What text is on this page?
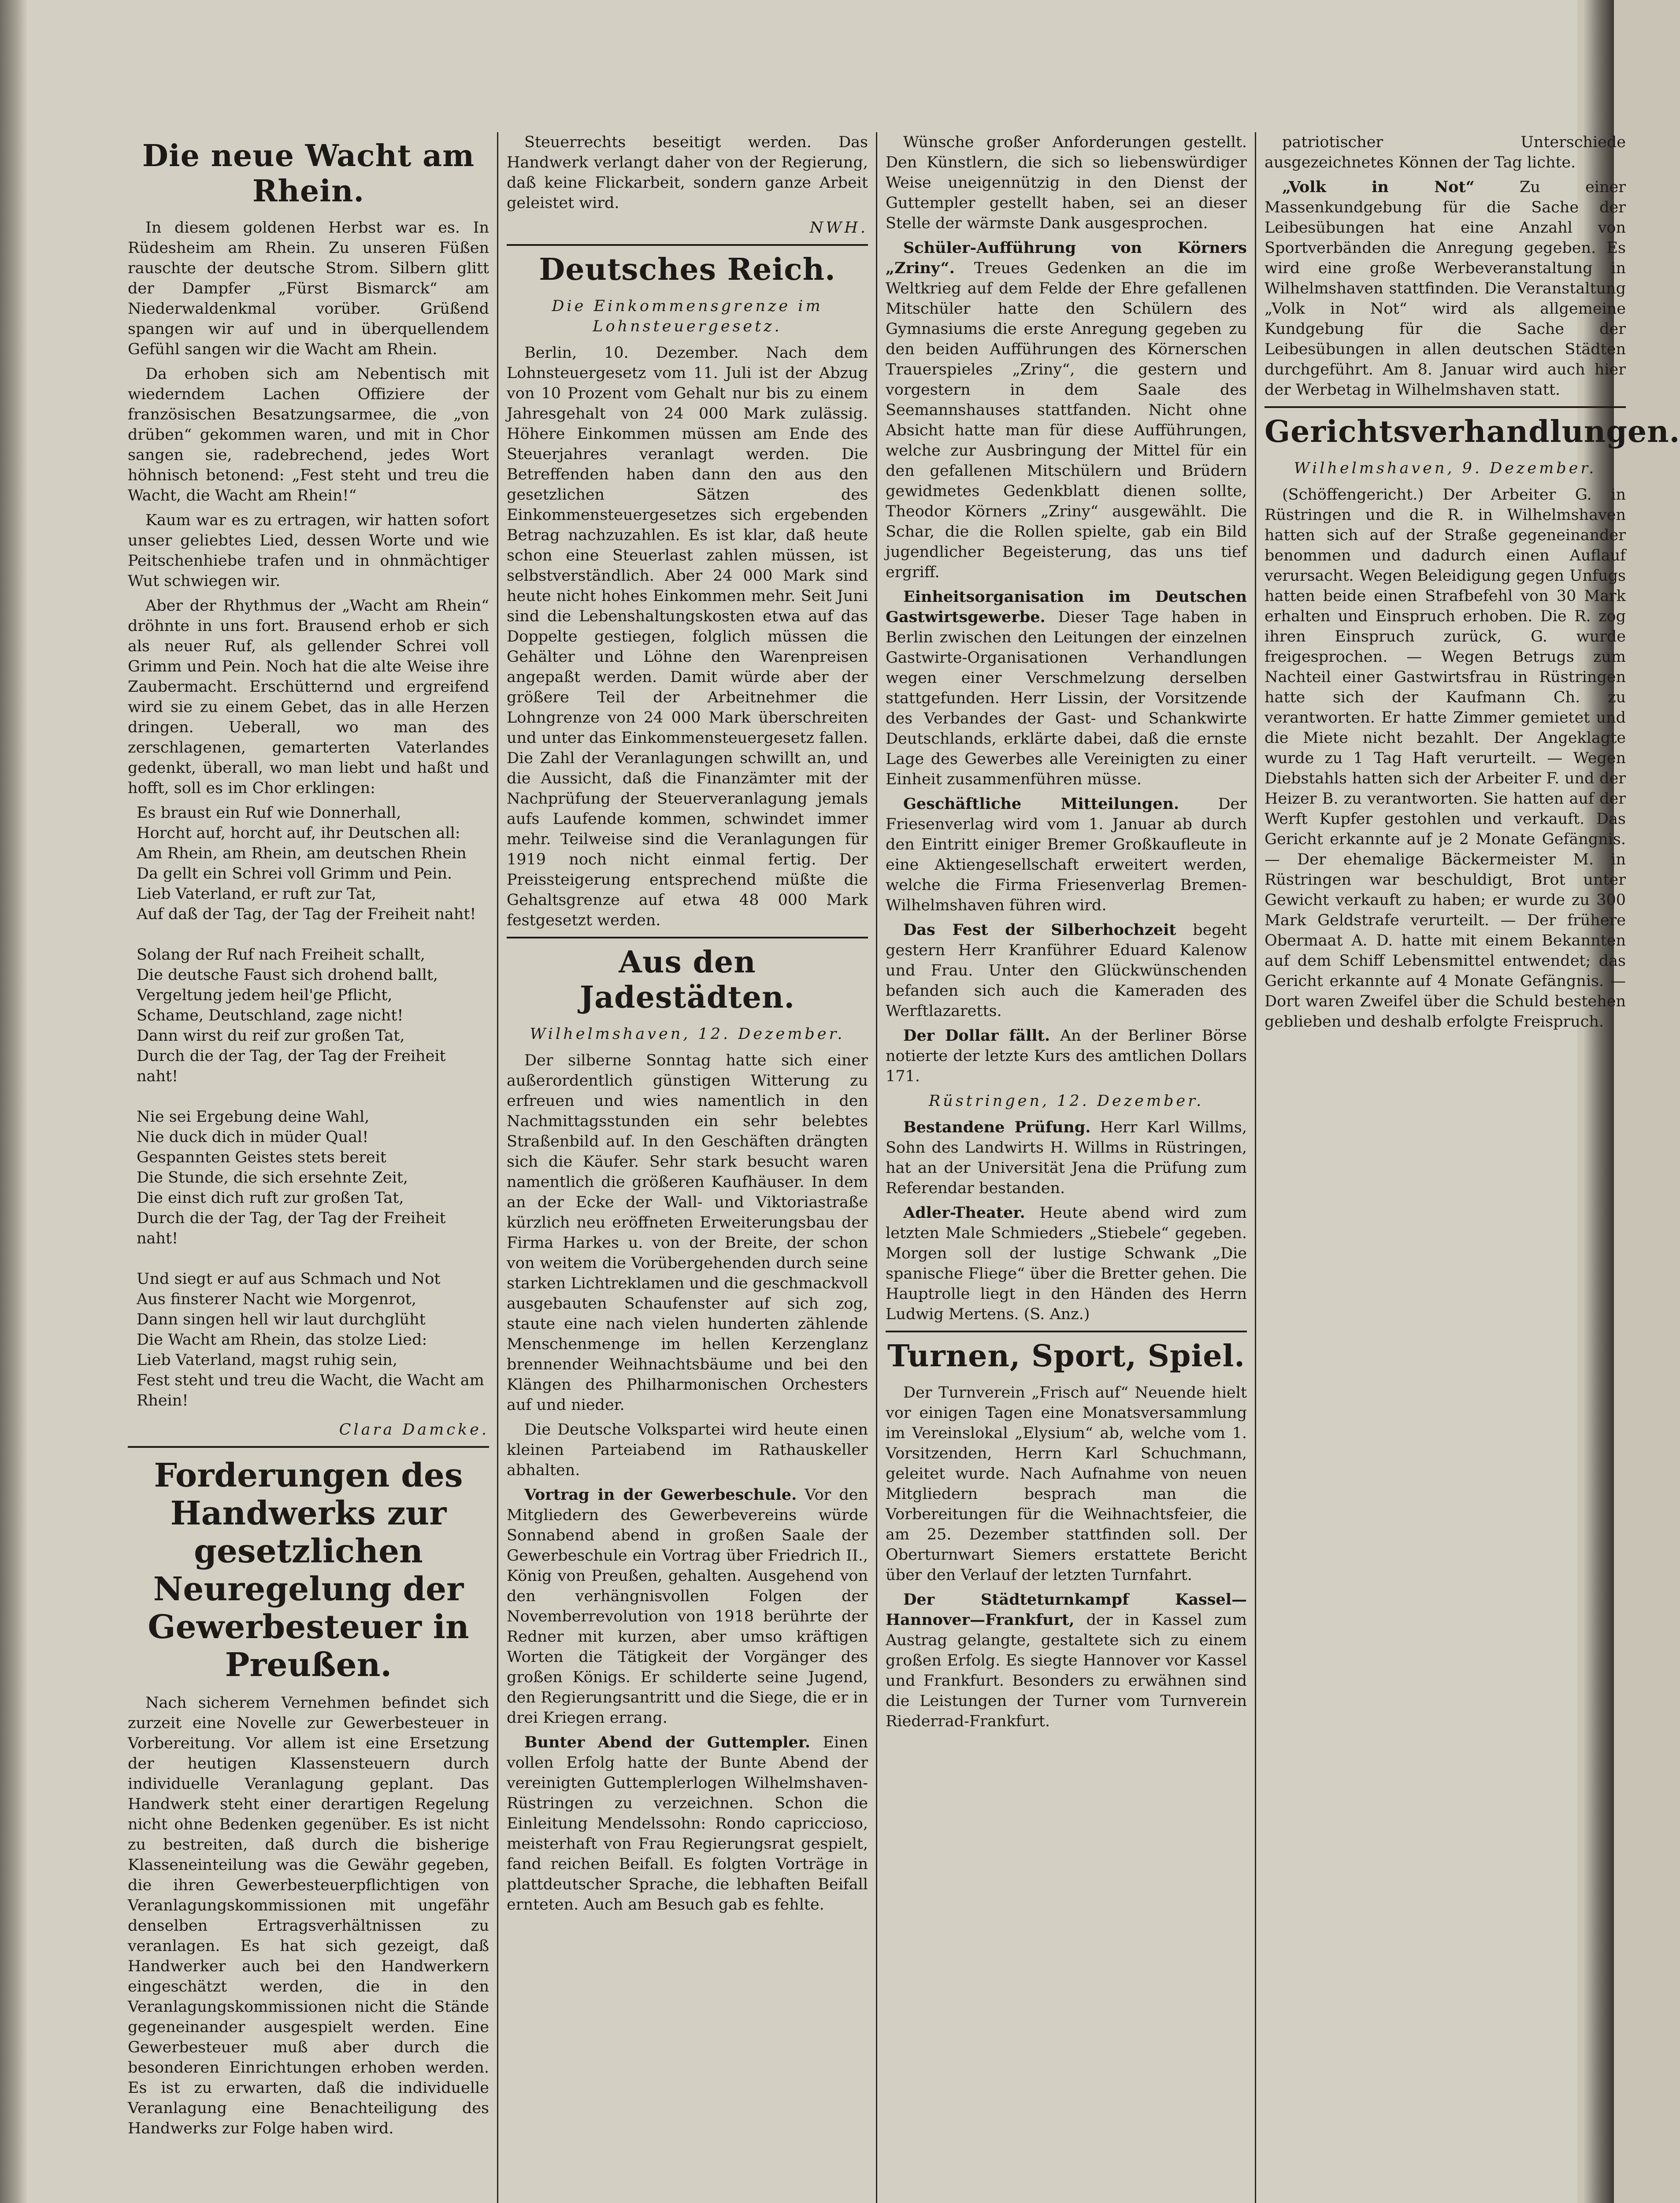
Die neue Wacht am Rhein.

In diesem goldenen Herbst war es. In Rüdesheim am Rhein. Zu unseren Füßen rauschte der deutsche Strom. Silbern glitt der Dampfer „Fürst Bismarck“ am Niederwaldenkmal vorüber. Grüßend spangen wir auf und in überquellendem Gefühl sangen wir die Wacht am Rhein.

Da erhoben sich am Nebentisch mit wiederndem Lachen Offiziere der französischen Besatzungsarmee, die „von drüben“ gekommen waren, und mit in Chor sangen sie, radebrechend, jedes Wort höhnisch betonend: „Fest steht und treu die Wacht, die Wacht am Rhein!“

Kaum war es zu ertragen, wir hatten sofort unser geliebtes Lied, dessen Worte und wie Peitschenhiebe trafen und in ohnmächtiger Wut schwiegen wir.

Aber der Rhythmus der „Wacht am Rhein“ dröhnte in uns fort. Brausend erhob er sich als neuer Ruf, als gellender Schrei voll Grimm und Pein. Noch hat die alte Weise ihre Zaubermacht. Erschütternd und ergreifend wird sie zu einem Gebet, das in alle Herzen dringen. Ueberall, wo man des zerschlagenen, gemarterten Vaterlandes gedenkt, überall, wo man liebt und haßt und hofft, soll es im Chor erklingen:

Es braust ein Ruf wie Donnerhall,
Horcht auf, horcht auf, ihr Deutschen all:
Am Rhein, am Rhein, am deutschen Rhein
Da gellt ein Schrei voll Grimm und Pein.
Lieb Vaterland, er ruft zur Tat,
Auf daß der Tag, der Tag der Freiheit naht!

Solang der Ruf nach Freiheit schallt,
Die deutsche Faust sich drohend ballt,
Vergeltung jedem heil'ge Pflicht,
Schame, Deutschland, zage nicht!
Dann wirst du reif zur großen Tat,
Durch die der Tag, der Tag der Freiheit naht!

Nie sei Ergebung deine Wahl,
Nie duck dich in müder Qual!
Gespannten Geistes stets bereit
Die Stunde, die sich ersehnte Zeit,
Die einst dich ruft zur großen Tat,
Durch die der Tag, der Tag der Freiheit naht!

Und siegt er auf aus Schmach und Not
Aus finsterer Nacht wie Morgenrot,
Dann singen hell wir laut durchglüht
Die Wacht am Rhein, das stolze Lied:
Lieb Vaterland, magst ruhig sein,
Fest steht und treu die Wacht, die Wacht am Rhein!
Clara Damcke.
Forderungen des Handwerks zur gesetzlichen Neuregelung der Gewerbesteuer in Preußen.

Nach sicherem Vernehmen befindet sich zurzeit eine Novelle zur Gewerbesteuer in Vorbereitung. Vor allem ist eine Ersetzung der heutigen Klassensteuern durch individuelle Veranlagung geplant. Das Handwerk steht einer derartigen Regelung nicht ohne Bedenken gegenüber. Es ist nicht zu bestreiten, daß durch die bisherige Klasseneinteilung was die Gewähr gegeben, die ihren Gewerbesteuerpflichtigen von Veranlagungskommissionen mit ungefähr denselben Ertragsverhältnissen zu veranlagen. Es hat sich gezeigt, daß Handwerker auch bei den Handwerkern eingeschätzt werden, die in den Veranlagungskommissionen nicht die Stände gegeneinander ausgespielt werden. Eine Gewerbesteuer muß aber durch die besonderen Einrichtungen erhoben werden. Es ist zu erwarten, daß die individuelle Veranlagung eine Benachteiligung des Handwerks zur Folge haben wird.

Steuerrechts beseitigt werden. Das Handwerk verlangt daher von der Regierung, daß keine Flickarbeit, sondern ganze Arbeit geleistet wird.

NWH.
Deutsches Reich.
Die Einkommensgrenze im Lohnsteuergesetz.

Berlin, 10. Dezember. Nach dem Lohnsteuergesetz vom 11. Juli ist der Abzug von 10 Prozent vom Gehalt nur bis zu einem Jahresgehalt von 24 000 Mark zulässig. Höhere Einkommen müssen am Ende des Steuerjahres veranlagt werden. Die Betreffenden haben dann den aus den gesetzlichen Sätzen des Einkommensteuergesetzes sich ergebenden Betrag nachzuzahlen. Es ist klar, daß heute schon eine Steuerlast zahlen müssen, ist selbstverständlich. Aber 24 000 Mark sind heute nicht hohes Einkommen mehr. Seit Juni sind die Lebenshaltungskosten etwa auf das Doppelte gestiegen, folglich müssen die Gehälter und Löhne den Warenpreisen angepaßt werden. Damit würde aber der größere Teil der Arbeitnehmer die Lohngrenze von 24 000 Mark überschreiten und unter das Einkommensteuergesetz fallen. Die Zahl der Veranlagungen schwillt an, und die Aussicht, daß die Finanzämter mit der Nachprüfung der Steuerveranlagung jemals aufs Laufende kommen, schwindet immer mehr. Teilweise sind die Veranlagungen für 1919 noch nicht einmal fertig. Der Preissteigerung entsprechend müßte die Gehaltsgrenze auf etwa 48 000 Mark festgesetzt werden.

Aus den Jadestädten.
Wilhelmshaven, 12. Dezember.

Der silberne Sonntag hatte sich einer außerordentlich günstigen Witterung zu erfreuen und wies namentlich in den Nachmittagsstunden ein sehr belebtes Straßenbild auf. In den Geschäften drängten sich die Käufer. Sehr stark besucht waren namentlich die größeren Kaufhäuser. In dem an der Ecke der Wall- und Viktoriastraße kürzlich neu eröffneten Erweiterungsbau der Firma Harkes u. von der Breite, der schon von weitem die Vorübergehenden durch seine starken Lichtreklamen und die geschmackvoll ausgebauten Schaufenster auf sich zog, staute eine nach vielen hunderten zählende Menschenmenge im hellen Kerzenglanz brennender Weihnachtsbäume und bei den Klängen des Philharmonischen Orchesters auf und nieder.

Die Deutsche Volkspartei wird heute einen kleinen Parteiabend im Rathauskeller abhalten.

Vortrag in der Gewerbeschule. Vor den Mitgliedern des Gewerbevereins würde Sonnabend abend in großen Saale der Gewerbeschule ein Vortrag über Friedrich II., König von Preußen, gehalten. Ausgehend von den verhängnisvollen Folgen der Novemberrevolution von 1918 berührte der Redner mit kurzen, aber umso kräftigen Worten die Tätigkeit der Vorgänger des großen Königs. Er schilderte seine Jugend, den Regierungsantritt und die Siege, die er in drei Kriegen errang.

Bunter Abend der Guttempler. Einen vollen Erfolg hatte der Bunte Abend der vereinigten Guttemplerlogen Wilhelmshaven-Rüstringen zu verzeichnen. Schon die Einleitung Mendelssohn: Rondo capriccioso, meisterhaft von Frau Regierungsrat gespielt, fand reichen Beifall. Es folgten Vorträge in plattdeutscher Sprache, die lebhaften Beifall ernteten. Auch am Besuch gab es fehlte.

Wünsche großer Anforderungen gestellt. Den Künstlern, die sich so liebenswürdiger Weise uneigennützig in den Dienst der Guttempler gestellt haben, sei an dieser Stelle der wärmste Dank ausgesprochen.

Schüler-Aufführung von Körners „Zriny“. Treues Gedenken an die im Weltkrieg auf dem Felde der Ehre gefallenen Mitschüler hatte den Schülern des Gymnasiums die erste Anregung gegeben zu den beiden Aufführungen des Körnerschen Trauerspieles „Zriny“, die gestern und vorgestern in dem Saale des Seemannshauses stattfanden. Nicht ohne Absicht hatte man für diese Aufführungen, welche zur Ausbringung der Mittel für ein den gefallenen Mitschülern und Brüdern gewidmetes Gedenkblatt dienen sollte, Theodor Körners „Zriny“ ausgewählt. Die Schar, die die Rollen spielte, gab ein Bild jugendlicher Begeisterung, das uns tief ergriff.

Einheitsorganisation im Deutschen Gastwirtsgewerbe. Dieser Tage haben in Berlin zwischen den Leitungen der einzelnen Gastwirte-Organisationen Verhandlungen wegen einer Verschmelzung derselben stattgefunden. Herr Lissin, der Vorsitzende des Verbandes der Gast- und Schankwirte Deutschlands, erklärte dabei, daß die ernste Lage des Gewerbes alle Vereinigten zu einer Einheit zusammenführen müsse.

Geschäftliche Mitteilungen.	Der Friesenverlag wird vom 1. Januar ab durch den Eintritt einiger Bremer Großkaufleute in eine Aktiengesellschaft erweitert werden, welche die Firma Friesenverlag Bremen-Wilhelmshaven führen wird.

Das Fest der Silberhochzeit begeht gestern Herr Kranführer Eduard Kalenow und Frau. Unter den Glückwünschenden befanden sich auch die Kameraden des Werftlazaretts.

Der Dollar fällt. An der Berliner Börse notierte der letzte Kurs des amtlichen Dollars 171.

Rüstringen, 12. Dezember.

Bestandene Prüfung. Herr Karl Willms, Sohn des Landwirts H. Willms in Rüstringen, hat an der Universität Jena die Prüfung zum Referendar bestanden.

Adler-Theater. Heute abend wird zum letzten Male Schmieders „Stiebele“ gegeben. Morgen soll der lustige Schwank „Die spanische Fliege“ über die Bretter gehen. Die Hauptrolle liegt in den Händen des Herrn Ludwig Mertens. (S. Anz.)

Turnen, Sport, Spiel.

Der Turnverein „Frisch auf“ Neuende hielt vor einigen Tagen eine Monatsversammlung im Vereinslokal „Elysium“ ab, welche vom 1. Vorsitzenden, Herrn Karl Schuchmann, geleitet wurde. Nach Aufnahme von neuen Mitgliedern besprach man die Vorbereitungen für die Weihnachtsfeier, die am 25. Dezember stattfinden soll. Der Oberturnwart Siemers erstattete Bericht über den Verlauf der letzten Turnfahrt.

Der Städteturnkampf Kassel—Hannover—Frankfurt, der in Kassel zum Austrag gelangte, gestaltete sich zu einem großen Erfolg. Es siegte Hannover vor Kassel und Frankfurt. Besonders zu erwähnen sind die Leistungen der Turner vom Turnverein Riederrad-Frankfurt.

patriotischer Unterschiede ausgezeichnetes Können der Tag lichte.

„Volk in Not“	Zu einer Massenkundgebung für die Sache der Leibesübungen hat eine Anzahl von Sportverbänden die Anregung gegeben. Es wird eine große Werbeveranstaltung in Wilhelmshaven stattfinden. Die Veranstaltung „Volk in Not“ wird als allgemeine Kundgebung für die Sache der Leibesübungen in allen deutschen Städten durchgeführt. Am 8. Januar wird auch hier der Werbetag in Wilhelmshaven statt.

Gerichtsverhandlungen.
Wilhelmshaven, 9. Dezember.

(Schöffengericht.) Der Arbeiter G. in Rüstringen und die R. in Wilhelmshaven hatten sich auf der Straße gegeneinander benommen und dadurch einen Auflauf verursacht. Wegen Beleidigung gegen Unfugs hatten beide einen Strafbefehl von 30 Mark erhalten und Einspruch erhoben. Die R. zog ihren Einspruch zurück, G. wurde freigesprochen. — Wegen Betrugs zum Nachteil einer Gastwirtsfrau in Rüstringen hatte sich der Kaufmann Ch. zu verantworten. Er hatte Zimmer gemietet und die Miete nicht bezahlt. Der Angeklagte wurde zu 1 Tag Haft verurteilt. — Wegen Diebstahls hatten sich der Arbeiter F. und der Heizer B. zu verantworten. Sie hatten auf der Werft Kupfer gestohlen und verkauft. Das Gericht erkannte auf je 2 Monate Gefängnis. — Der ehemalige Bäckermeister M. in Rüstringen war beschuldigt, Brot unter Gewicht verkauft zu haben; er wurde zu 300 Mark Geldstrafe verurteilt. — Der frühere Obermaat A. D. hatte mit einem Bekannten auf dem Schiff Lebensmittel entwendet; das Gericht erkannte auf 4 Monate Gefängnis. — Dort waren Zweifel über die Schuld bestehen geblieben und deshalb erfolgte Freispruch.
